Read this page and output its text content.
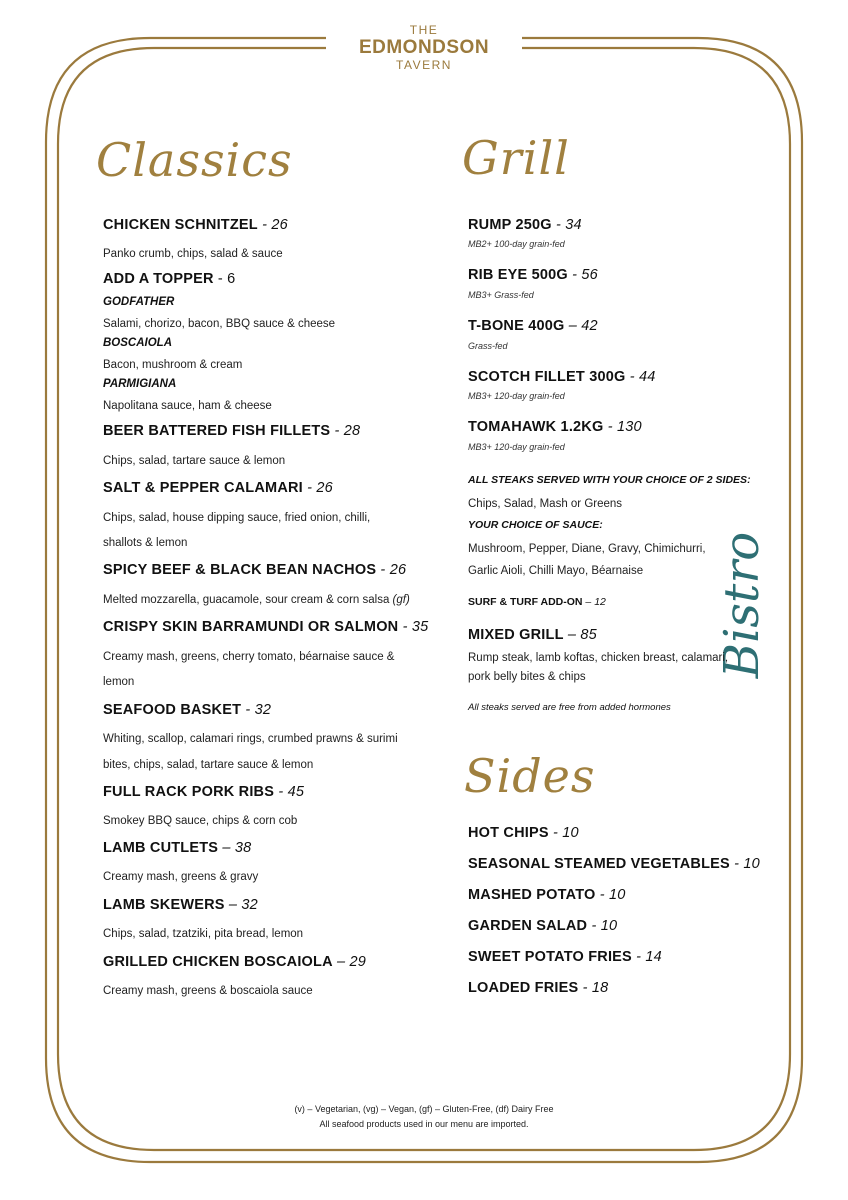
THE
EDMONDSON
TAVERN
Bistro
Classics
CHICKEN SCHNITZEL - 26
Panko crumb, chips, salad & sauce
ADD A TOPPER - 6
GODFATHER
Salami, chorizo, bacon, BBQ sauce & cheese
BOSCAIOLA
Bacon, mushroom & cream
PARMIGIANA
Napolitana sauce, ham & cheese
BEER BATTERED FISH FILLETS - 28
Chips, salad, tartare sauce & lemon
SALT & PEPPER CALAMARI - 26
Chips, salad, house dipping sauce, fried onion, chilli,
shallots & lemon
SPICY BEEF & BLACK BEAN NACHOS - 26
Melted mozzarella, guacamole, sour cream & corn salsa (gf)
CRISPY SKIN BARRAMUNDI OR SALMON - 35
Creamy mash, greens, cherry tomato, béarnaise sauce &
lemon
SEAFOOD BASKET - 32
Whiting, scallop, calamari rings, crumbed prawns & surimi
bites, chips, salad, tartare sauce & lemon
FULL RACK PORK RIBS - 45
Smokey BBQ sauce, chips & corn cob
LAMB CUTLETS – 38
Creamy mash, greens & gravy
LAMB SKEWERS – 32
Chips, salad, tzatziki, pita bread, lemon
GRILLED CHICKEN BOSCAIOLA – 29
Creamy mash, greens & boscaiola sauce
Grill
RUMP 250G - 34
MB2+ 100-day grain-fed
RIB EYE 500G - 56
MB3+ Grass-fed
T-BONE 400G – 42
Grass-fed
SCOTCH FILLET 300G - 44
MB3+ 120-day grain-fed
TOMAHAWK 1.2KG - 130
MB3+ 120-day grain-fed
ALL STEAKS SERVED WITH YOUR CHOICE OF 2 SIDES:
Chips, Salad, Mash or Greens
YOUR CHOICE OF SAUCE:
Mushroom, Pepper, Diane, Gravy, Chimichurri,
Garlic Aioli, Chilli Mayo, Béarnaise
SURF & TURF ADD-ON – 12
MIXED GRILL – 85
Rump steak, lamb koftas, chicken breast, calamari,
pork belly bites & chips
All steaks served are free from added hormones
Sides
HOT CHIPS - 10
SEASONAL STEAMED VEGETABLES - 10
MASHED POTATO - 10
GARDEN SALAD - 10
SWEET POTATO FRIES - 14
LOADED FRIES - 18
(v) – Vegetarian, (vg) – Vegan, (gf) – Gluten-Free, (df) Dairy Free
All seafood products used in our menu are imported.
